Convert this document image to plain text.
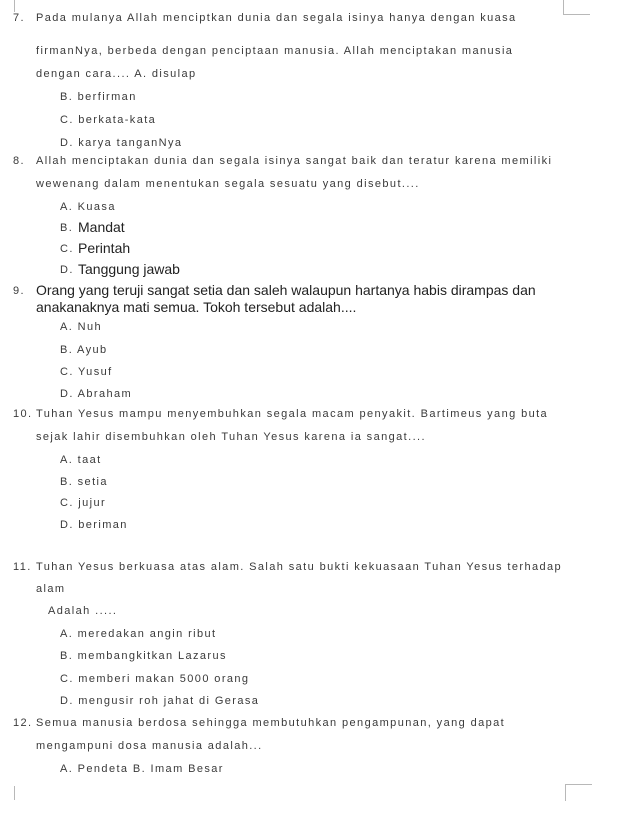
7. Pada mulanya Allah menciptkan dunia dan segala isinya hanya dengan kuasa
firmanNya, berbeda dengan penciptaan manusia. Allah menciptakan manusia
dengan cara.... A. disulap
B. berfirman
C. berkata-kata
D. karya tanganNya
8. Allah menciptakan dunia dan segala isinya sangat baik dan teratur karena memiliki
wewenang dalam menentukan segala sesuatu yang disebut....
A. Kuasa
B. Mandat
C. Perintah
D. Tanggung jawab
9. Orang yang teruji sangat setia dan saleh walaupun hartanya habis dirampas dan
anakanaknya mati semua. Tokoh tersebut adalah....
A. Nuh
B. Ayub
C. Yusuf
D. Abraham
10. Tuhan Yesus mampu menyembuhkan segala macam penyakit. Bartimeus yang buta
sejak lahir disembuhkan oleh Tuhan Yesus karena ia sangat....
A. taat
B. setia
C. jujur
D. beriman
11. Tuhan Yesus berkuasa atas alam. Salah satu bukti kekuasaan Tuhan Yesus terhadap
alam
Adalah .....
A. meredakan angin ribut
B. membangkitkan Lazarus
C. memberi makan 5000 orang
D. mengusir roh jahat di Gerasa
12. Semua manusia berdosa sehingga membutuhkan pengampunan, yang dapat
mengampuni dosa manusia adalah...
A. Pendeta B. Imam Besar
